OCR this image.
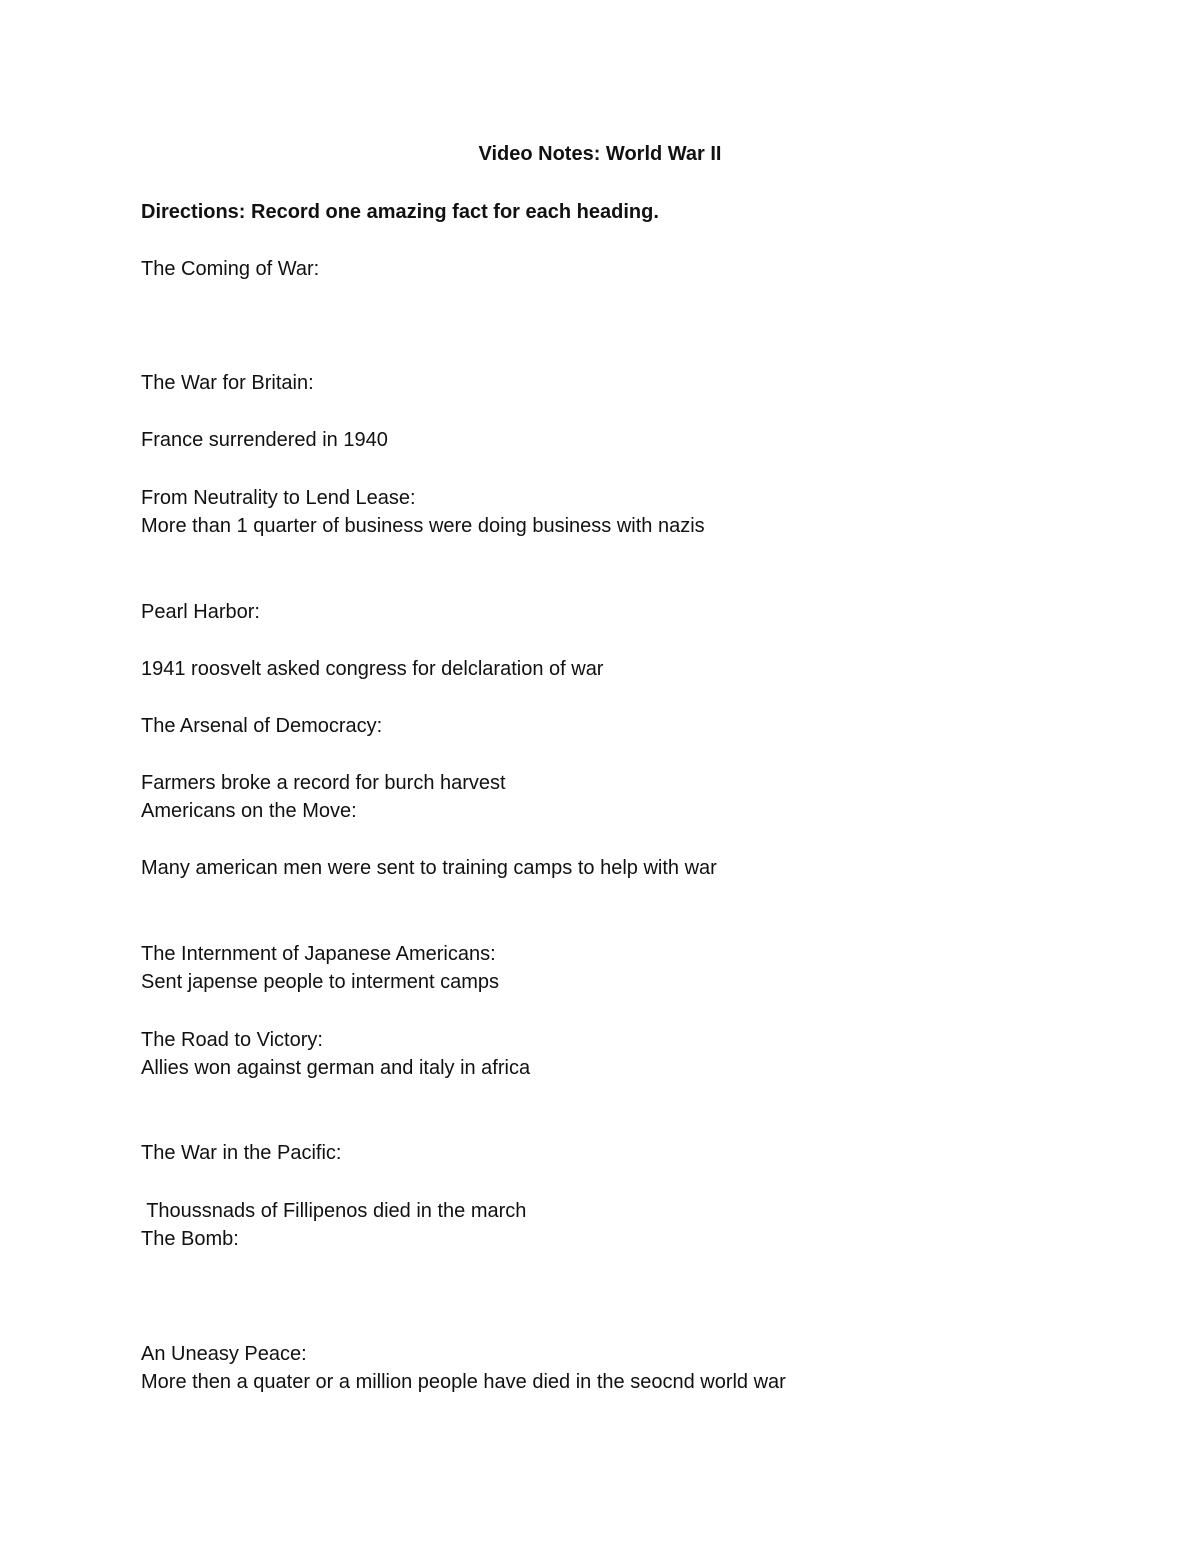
Video Notes: World War II
Directions: Record one amazing fact for each heading.
The Coming of War:
The War for Britain:
France surrendered in 1940
From Neutrality to Lend Lease:
More than 1 quarter of business were doing business with nazis
Pearl Harbor:
1941 roosvelt asked congress for delclaration of war
The Arsenal of Democracy:
Farmers broke a record for burch harvest
Americans on the Move:
Many american men were sent to training camps to help with war
The Internment of Japanese Americans:
Sent japense people to interment camps
The Road to Victory:
Allies won against german and italy in africa
The War in the Pacific:
Thoussnads of Fillipenos died in the march
The Bomb:
An Uneasy Peace:
More then a quater or a million people have died in the seocnd world war
